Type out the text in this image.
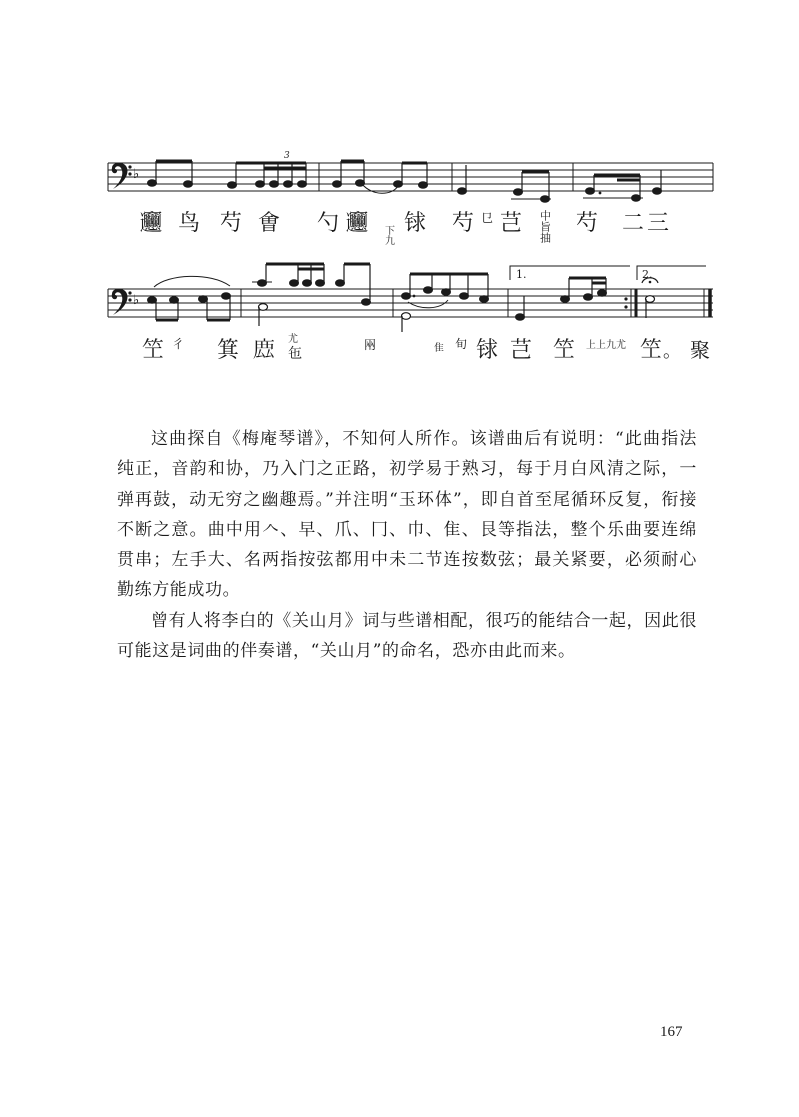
♭
3
𰻞 鸟 芍 㑹 勺 𰻞 下九 𨱇 芍 㔾 芑 中旨抽 芍 二 三
♭
1.	2.
笁 彳 箕 𢉖 尤
㐌
㒳	隹 旬 𨱇 芑 笁 上上九尤 笁 。 聚

这曲探自《梅庵琴谱》，不知何人所作。该谱曲后有说明：“此曲指法纯正，音韵和协，乃入门之正路，初学易于熟习，每于月白风清之际，一弹再鼓，动无穷之幽趣焉。”并注明“玉环体”，即自首至尾循环反复，衔接不断之意。曲中用𠆢、早、爪、冂、巾、隹、艮等指法，整个乐曲要连绵贯串；左手大、名两指按弦都用中未二节连按数弦；最关紧要，必须耐心勤练方能成功。

曾有人将李白的《关山月》词与些谱相配，很巧的能结合一起，因此很可能这是词曲的伴奏谱，“关山月”的命名，恐亦由此而来。

167
